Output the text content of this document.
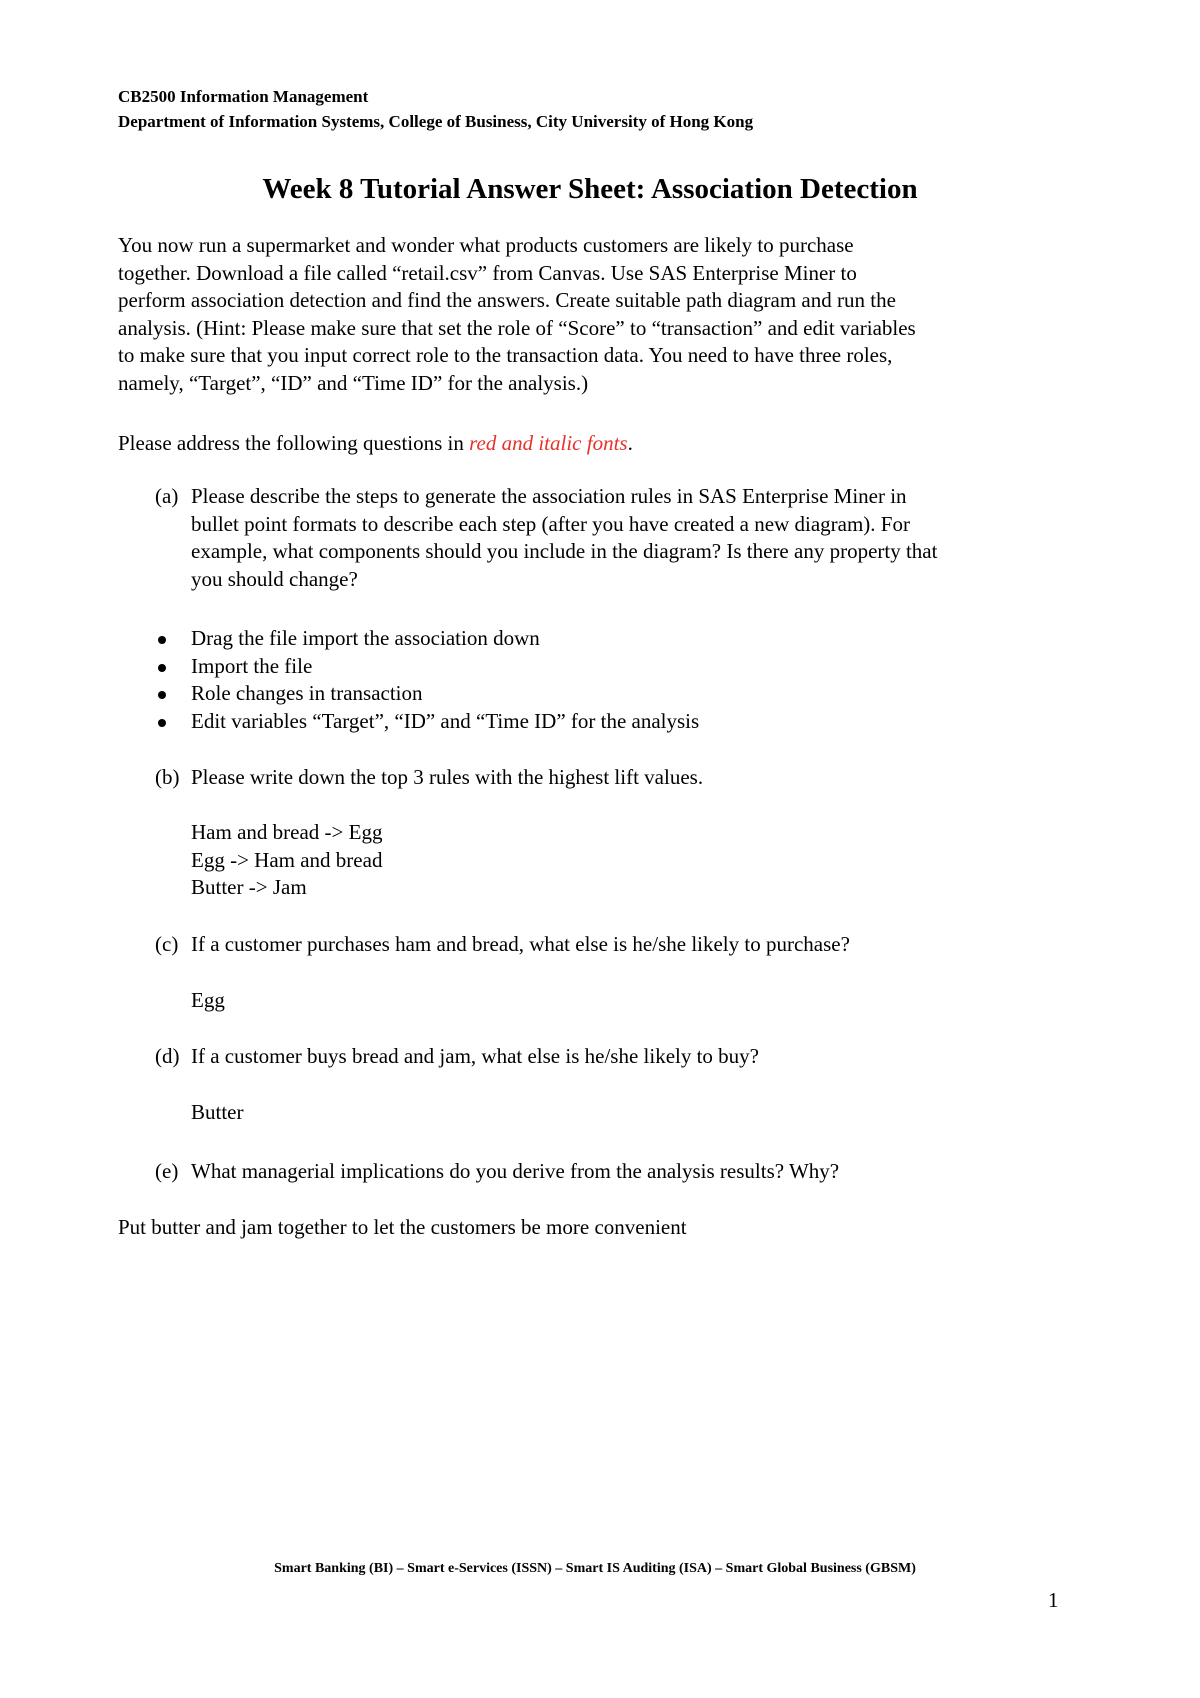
CB2500 Information Management
Department of Information Systems, College of Business, City University of Hong Kong
Week 8 Tutorial Answer Sheet: Association Detection

You now run a supermarket and wonder what products customers are likely to purchase

together. Download a file called “retail.csv” from Canvas. Use SAS Enterprise Miner to

perform association detection and find the answers. Create suitable path diagram and run the

analysis. (Hint: Please make sure that set the role of “Score” to “transaction” and edit variables

to make sure that you input correct role to the transaction data. You need to have three roles,

namely, “Target”, “ID” and “Time ID” for the analysis.)

Please address the following questions in red and italic fonts.
(a) Please describe the steps to generate the association rules in SAS Enterprise Miner in
bullet point formats to describe each step (after you have created a new diagram). For
example, what components should you include in the diagram? Is there any property that
you should change?
Drag the file import the association down
Import the file
Role changes in transaction
Edit variables “Target”, “ID” and “Time ID” for the analysis
(b) Please write down the top 3 rules with the highest lift values.
Ham and bread -> Egg
Egg -> Ham and bread
Butter -> Jam
(c) If a customer purchases ham and bread, what else is he/she likely to purchase?
Egg
(d) If a customer buys bread and jam, what else is he/she likely to buy?
Butter
(e) What managerial implications do you derive from the analysis results? Why?
Put butter and jam together to let the customers be more convenient
Smart Banking (BI) – Smart e-Services (ISSN) – Smart IS Auditing (ISA) – Smart Global Business (GBSM)
1
